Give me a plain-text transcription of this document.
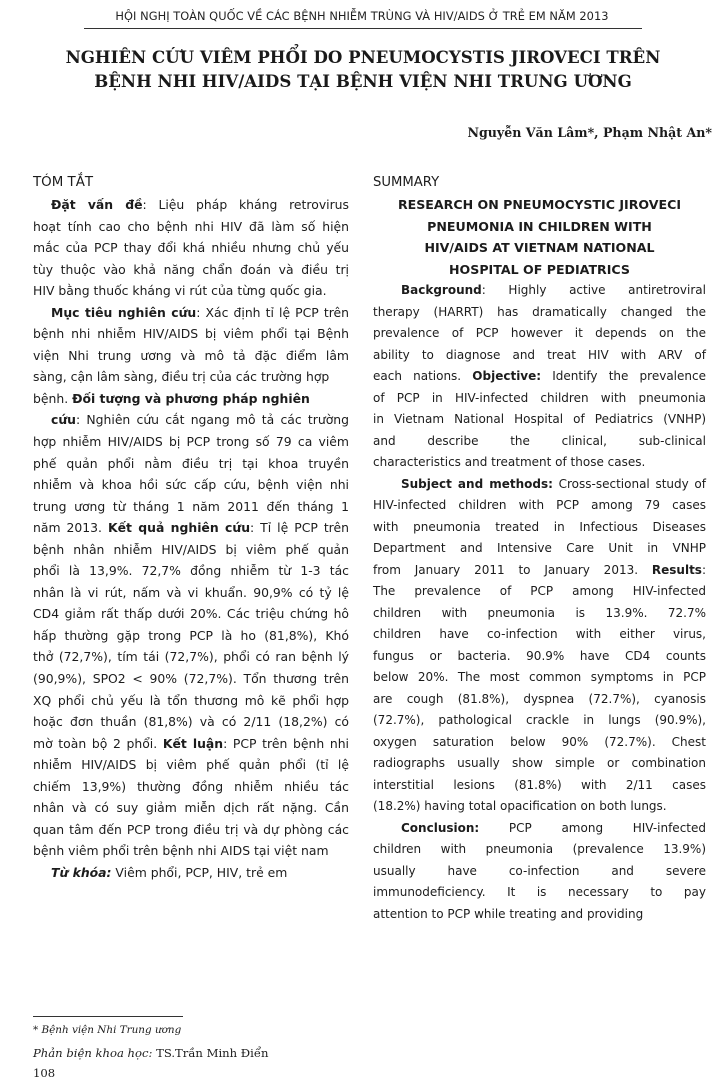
HỘI NGHỊ TOÀN QUỐC VỀ CÁC BỆNH NHIỄM TRÙNG VÀ HIV/AIDS Ở TRẺ EM NĂM 2013
NGHIÊN CỨU VIÊM PHỔI DO PNEUMOCYSTIS JIROVECI TRÊN
BỆNH NHI HIV/AIDS TẠI BỆNH VIỆN NHI TRUNG ƯƠNG
Nguyễn Văn Lâm*, Phạm Nhật An*
TÓM TẮT
Đặt vấn đề: Liệu pháp kháng retrovirus
hoạt tính cao cho bệnh nhi HIV đã làm số hiện
mắc của PCP thay đổi khá nhiều nhưng chủ yếu
tùy thuộc vào khả năng chẩn đoán và điều trị
HIV bằng thuốc kháng vi rút của từng quốc gia.
Mục tiêu nghiên cứu: Xác định tỉ lệ PCP trên
bệnh nhi nhiễm HIV/AIDS bị viêm phổi tại Bệnh
viện Nhi trung ương và mô tả đặc điểm lâm
sàng, cận lâm sàng, điều trị của các trường hợp
bệnh. Đối tượng và phương pháp nghiên
cứu: Nghiên cứu cắt ngang mô tả các trường
hợp nhiễm HIV/AIDS bị PCP trong số 79 ca viêm
phế quản phổi nằm điều trị tại khoa truyền
nhiễm và khoa hồi sức cấp cứu, bệnh viện nhi
trung ương từ tháng 1 năm 2011 đến tháng 1
năm 2013. Kết quả nghiên cứu: Tỉ lệ PCP trên
bệnh nhân nhiễm HIV/AIDS bị viêm phế quản
phổi là 13,9%. 72,7% đồng nhiễm từ 1-3 tác
nhân là vi rút, nấm và vi khuẩn. 90,9% có tỷ lệ
CD4 giảm rất thấp dưới 20%. Các triệu chứng hô
hấp thường gặp trong PCP là ho (81,8%), Khó
thở (72,7%), tím tái (72,7%), phổi có ran bệnh lý
(90,9%), SPO2 < 90% (72,7%). Tổn thương trên
XQ phổi chủ yếu là tổn thương mô kẽ phổi hợp
hoặc đơn thuần (81,8%) và có 2/11 (18,2%) có
mờ toàn bộ 2 phổi. Kết luận: PCP trên bệnh nhi
nhiễm HIV/AIDS bị viêm phế quản phổi (tỉ lệ
chiếm 13,9%) thường đồng nhiễm nhiều tác
nhân và có suy giảm miễn dịch rất nặng. Cần
quan tâm đến PCP trong điều trị và dự phòng các
bệnh viêm phổi trên bệnh nhi AIDS tại việt nam
Từ khóa: Viêm phổi, PCP, HIV, trẻ em
SUMMARY
RESEARCH ON PNEUMOCYSTIC JIROVECI
PNEUMONIA IN CHILDREN WITH
HIV/AIDS AT VIETNAM NATIONAL
HOSPITAL OF PEDIATRICS
Background: Highly active antiretroviral
therapy (HARRT) has dramatically changed the
prevalence of PCP however it depends on the
ability to diagnose and treat HIV with ARV of
each nations. Objective: Identify the prevalence
of PCP in HIV-infected children with pneumonia
in Vietnam National Hospital of Pediatrics (VNHP)
and describe the clinical, sub-clinical
characteristics and treatment of those cases.
Subject and methods: Cross-sectional study of
HIV-infected children with PCP among 79 cases
with pneumonia treated in Infectious Diseases
Department and Intensive Care Unit in VNHP
from January 2011 to January 2013. Results:
The prevalence of PCP among HIV-infected
children with pneumonia is 13.9%. 72.7%
children have co-infection with either virus,
fungus or bacteria. 90.9% have CD4 counts
below 20%. The most common symptoms in PCP
are cough (81.8%), dyspnea (72.7%), cyanosis
(72.7%), pathological crackle in lungs (90.9%),
oxygen saturation below 90% (72.7%). Chest
radiographs usually show simple or combination
interstitial lesions (81.8%) with 2/11 cases
(18.2%) having total opacification on both lungs.
Conclusion: PCP among HIV-infected
children with pneumonia (prevalence 13.9%)
usually have co-infection and severe
immunodeficiency. It is necessary to pay
attention to PCP while treating and providing
* Bệnh viện Nhi Trung ương
Phản biện khoa học: TS.Trần Minh Điển
108
